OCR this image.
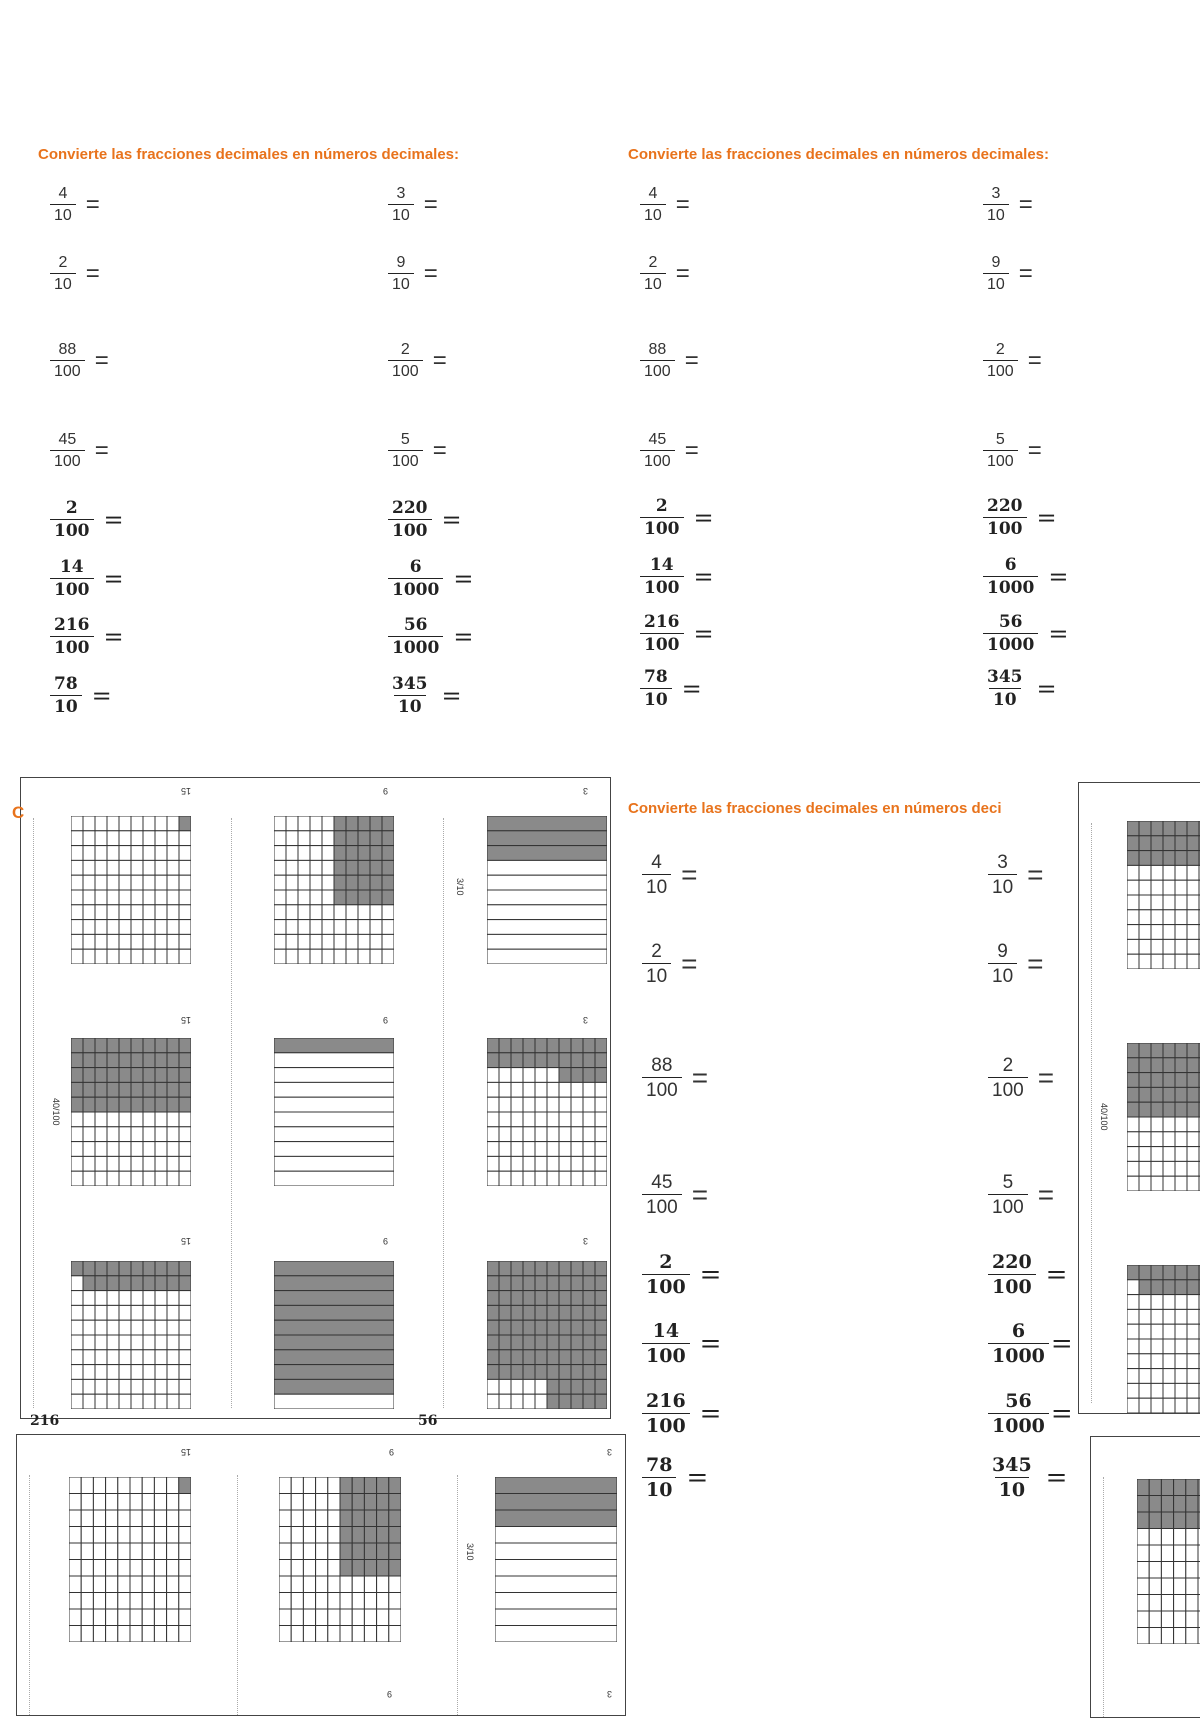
Convierte las fracciones decimales en números decimales:
$\frac{4}{10}$ =	$\frac{3}{10}$ =
$\frac{2}{10}$ =	$\frac{9}{10}$ =
$\frac{88}{100}$ =	$\frac{2}{100}$ =
$\frac{45}{100}$ =	$\frac{5}{100}$ =
$\frac{2}{100}$ =	$\frac{220}{100}$ =
$\frac{14}{100}$ =	$\frac{6}{1000}$ =
$\frac{216}{100}$ =	$\frac{56}{1000}$ =
$\frac{78}{10}$ =	$\frac{345}{10}$ =
Convierte las fracciones decimales en números decimales:
$\frac{4}{10}$ =	$\frac{3}{10}$ =
$\frac{2}{10}$ =	$\frac{9}{10}$ =
$\frac{88}{100}$ =	$\frac{2}{100}$ =
$\frac{45}{100}$ =	$\frac{5}{100}$ =
$\frac{2}{100}$ =	$\frac{220}{100}$ =
$\frac{14}{100}$ =	$\frac{6}{1000}$ =
$\frac{216}{100}$ =	$\frac{56}{1000}$ =
$\frac{78}{10}$ =	$\frac{345}{10}$ =
Convierte las fracciones decimales en números deci
$\frac{4}{10}$ =	$\frac{3}{10}$ =
$\frac{2}{10}$ =	$\frac{9}{10}$ =
$\frac{88}{100}$ =	$\frac{2}{100}$ =
$\frac{45}{100}$ =	$\frac{5}{100}$ =
$\frac{2}{100}$ =	$\frac{220}{100}$ =
$\frac{14}{100}$ =	$\frac{6}{1000}$ =
$\frac{216}{100}$ =	$\frac{56}{1000}$ =
$\frac{78}{10}$ =	$\frac{345}{10}$ =
15	9	3
15	9	3
15	9	3
3/10
40/100
15	9	3
9	3
3/10
40/100
C
216	56
